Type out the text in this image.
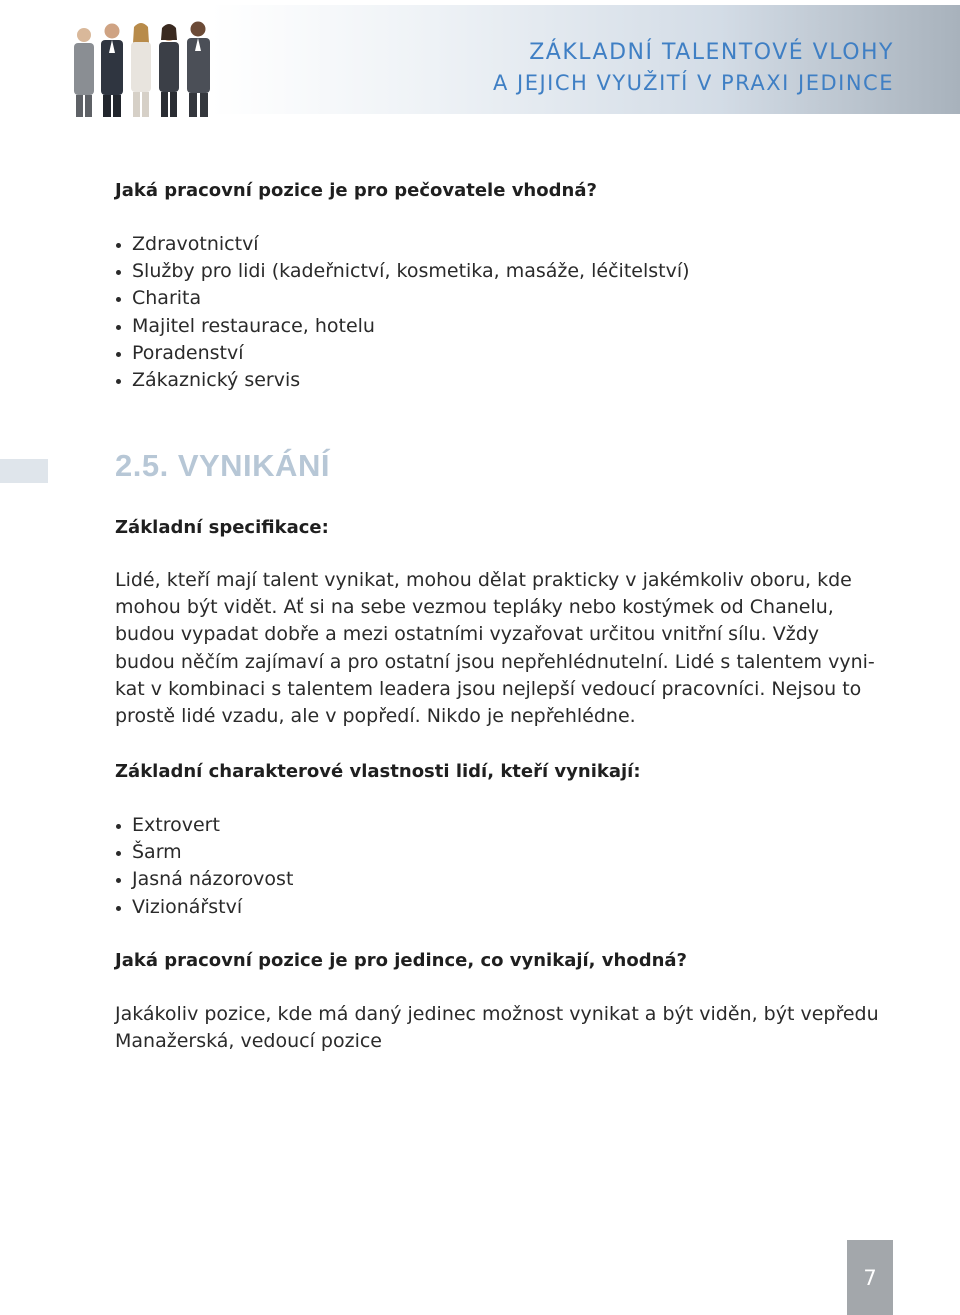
ZÁKLADNÍ TALENTOVÉ VLOHY
A JEJICH VYUŽITÍ V PRAXI JEDINCE
Jaká pracovní pozice je pro pečovatele vhodná?
Zdravotnictví
Služby pro lidi (kadeřnictví, kosmetika, masáže, léčitelství)
Charita
Majitel restaurace, hotelu
Poradenství
Zákaznický servis
2.5. VYNIKÁNÍ
Základní specifikace:

Lidé, kteří mají talent vynikat, mohou dělat prakticky v jakémkoliv oboru, kde
mohou být vidět. Ať si na sebe vezmou tepláky nebo kostýmek od Chanelu,
budou vypadat dobře a mezi ostatními vyzařovat určitou vnitřní sílu. Vždy
budou něčím zajímaví a pro ostatní jsou nepřehlédnutelní. Lidé s talentem vyni-
kat v kombinaci s talentem leadera jsou nejlepší vedoucí pracovníci. Nejsou to
prostě lidé vzadu, ale v popředí. Nikdo je nepřehlédne.

Základní charakterové vlastnosti lidí, kteří vynikají:
Extrovert
Šarm
Jasná názorovost
Vizionářství
Jaká pracovní pozice je pro jedince, co vynikají, vhodná?

Jakákoliv pozice, kde má daný jedinec možnost vynikat a být viděn, být vepředu

Manažerská, vedoucí pozice

7
